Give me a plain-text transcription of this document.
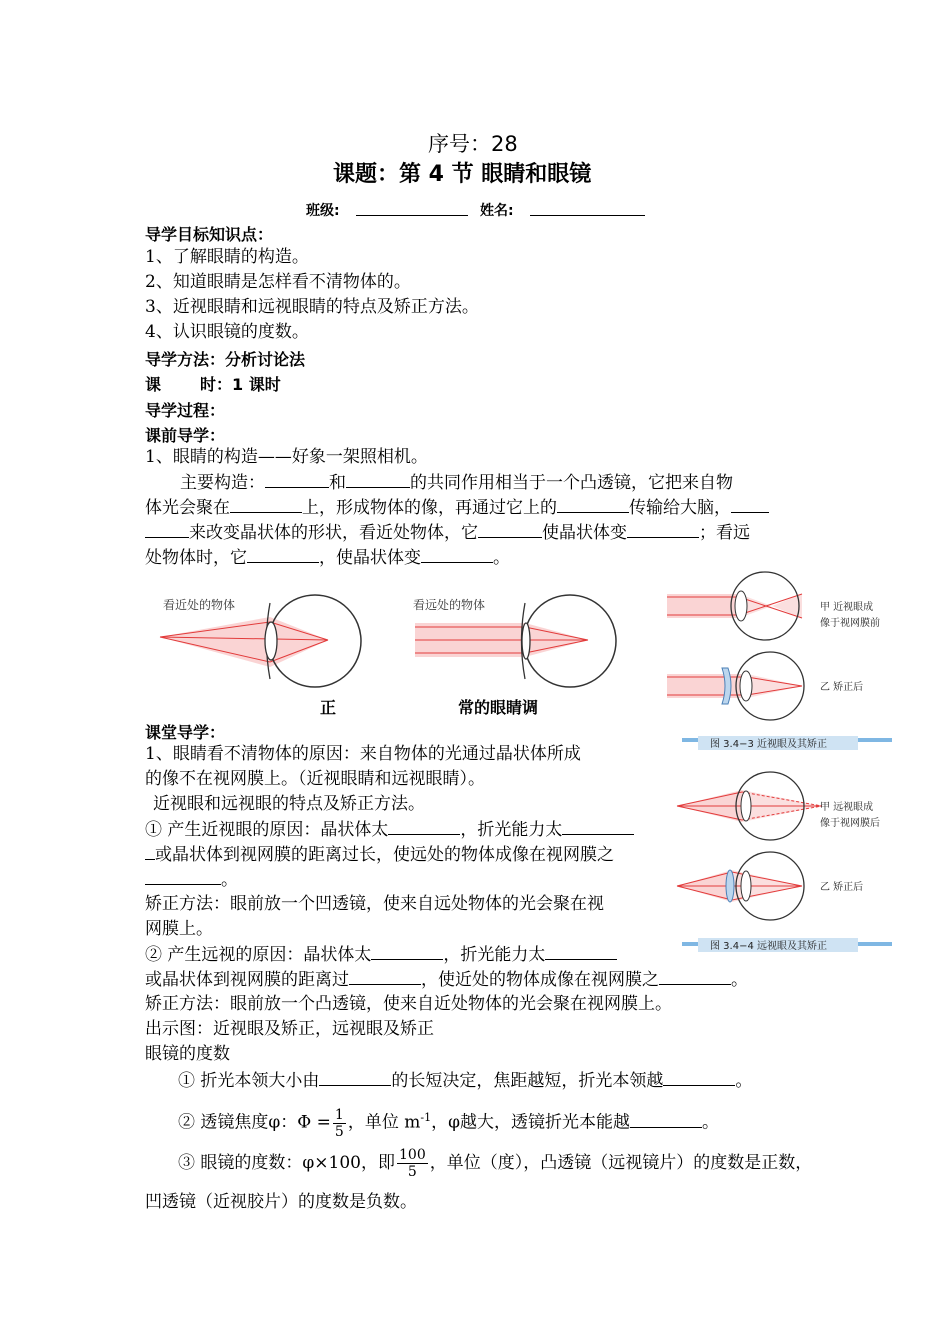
序号：28
课题：第 4 节 眼睛和眼镜
班级:	姓名:
导学目标知识点：
1、了解眼睛的构造。
2、知道眼睛是怎样看不清物体的。
3、近视眼睛和远视眼睛的特点及矫正方法。
4、认识眼镜的度数。
导学方法：分析讨论法
课       时：1 课时
导学过程：
课前导学：
1、眼睛的构造——好象一架照相机。
主要构造：	和	的共同作用相当于一个凸透镜，它把来自物
体光会聚在	上，形成物体的像，再通过它上的	传输给大脑，
来改变晶状体的形状，看近处物体，它	使晶状体变	；看远
处物体时，它	，使晶状体变	。
看近处的物体	看远处的物体
正	常的眼睛调
甲 近视眼成
像于视网膜前
乙 矫正后
图 3.4−3 近视眼及其矫正
甲 远视眼成
像于视网膜后
乙 矫正后
图 3.4−4 远视眼及其矫正
课堂导学：
1、眼睛看不清物体的原因：来自物体的光通过晶状体所成
的像不在视网膜上。（近视眼睛和远视眼睛）。
近视眼和远视眼的特点及矫正方法。
① 产生近视眼的原因：晶状体太	，折光能力太
或晶状体到视网膜的距离过长，使远处的物体成像在视网膜之
。
矫正方法：眼前放一个凹透镜，使来自远处物体的光会聚在视
网膜上。
② 产生远视的原因：晶状体太	，折光能力太
或晶状体到视网膜的距离过	，使近处的物体成像在视网膜之	。
矫正方法：眼前放一个凸透镜，使来自近处物体的光会聚在视网膜上。
出示图：近视眼及矫正，远视眼及矫正
眼镜的度数
① 折光本领大小由	的长短决定，焦距越短，折光本领越	。
② 透镜焦度φ：$\Phi = \frac{1}{5}$ ，单位 $m^{-1}$，φ越大，透镜折光本能越	。
③ 眼镜的度数：φ×100，即 $\frac{100}{5}$ ，单位（度），凸透镜（远视镜片）的度数是正数，
凹透镜（近视胶片）的度数是负数。
